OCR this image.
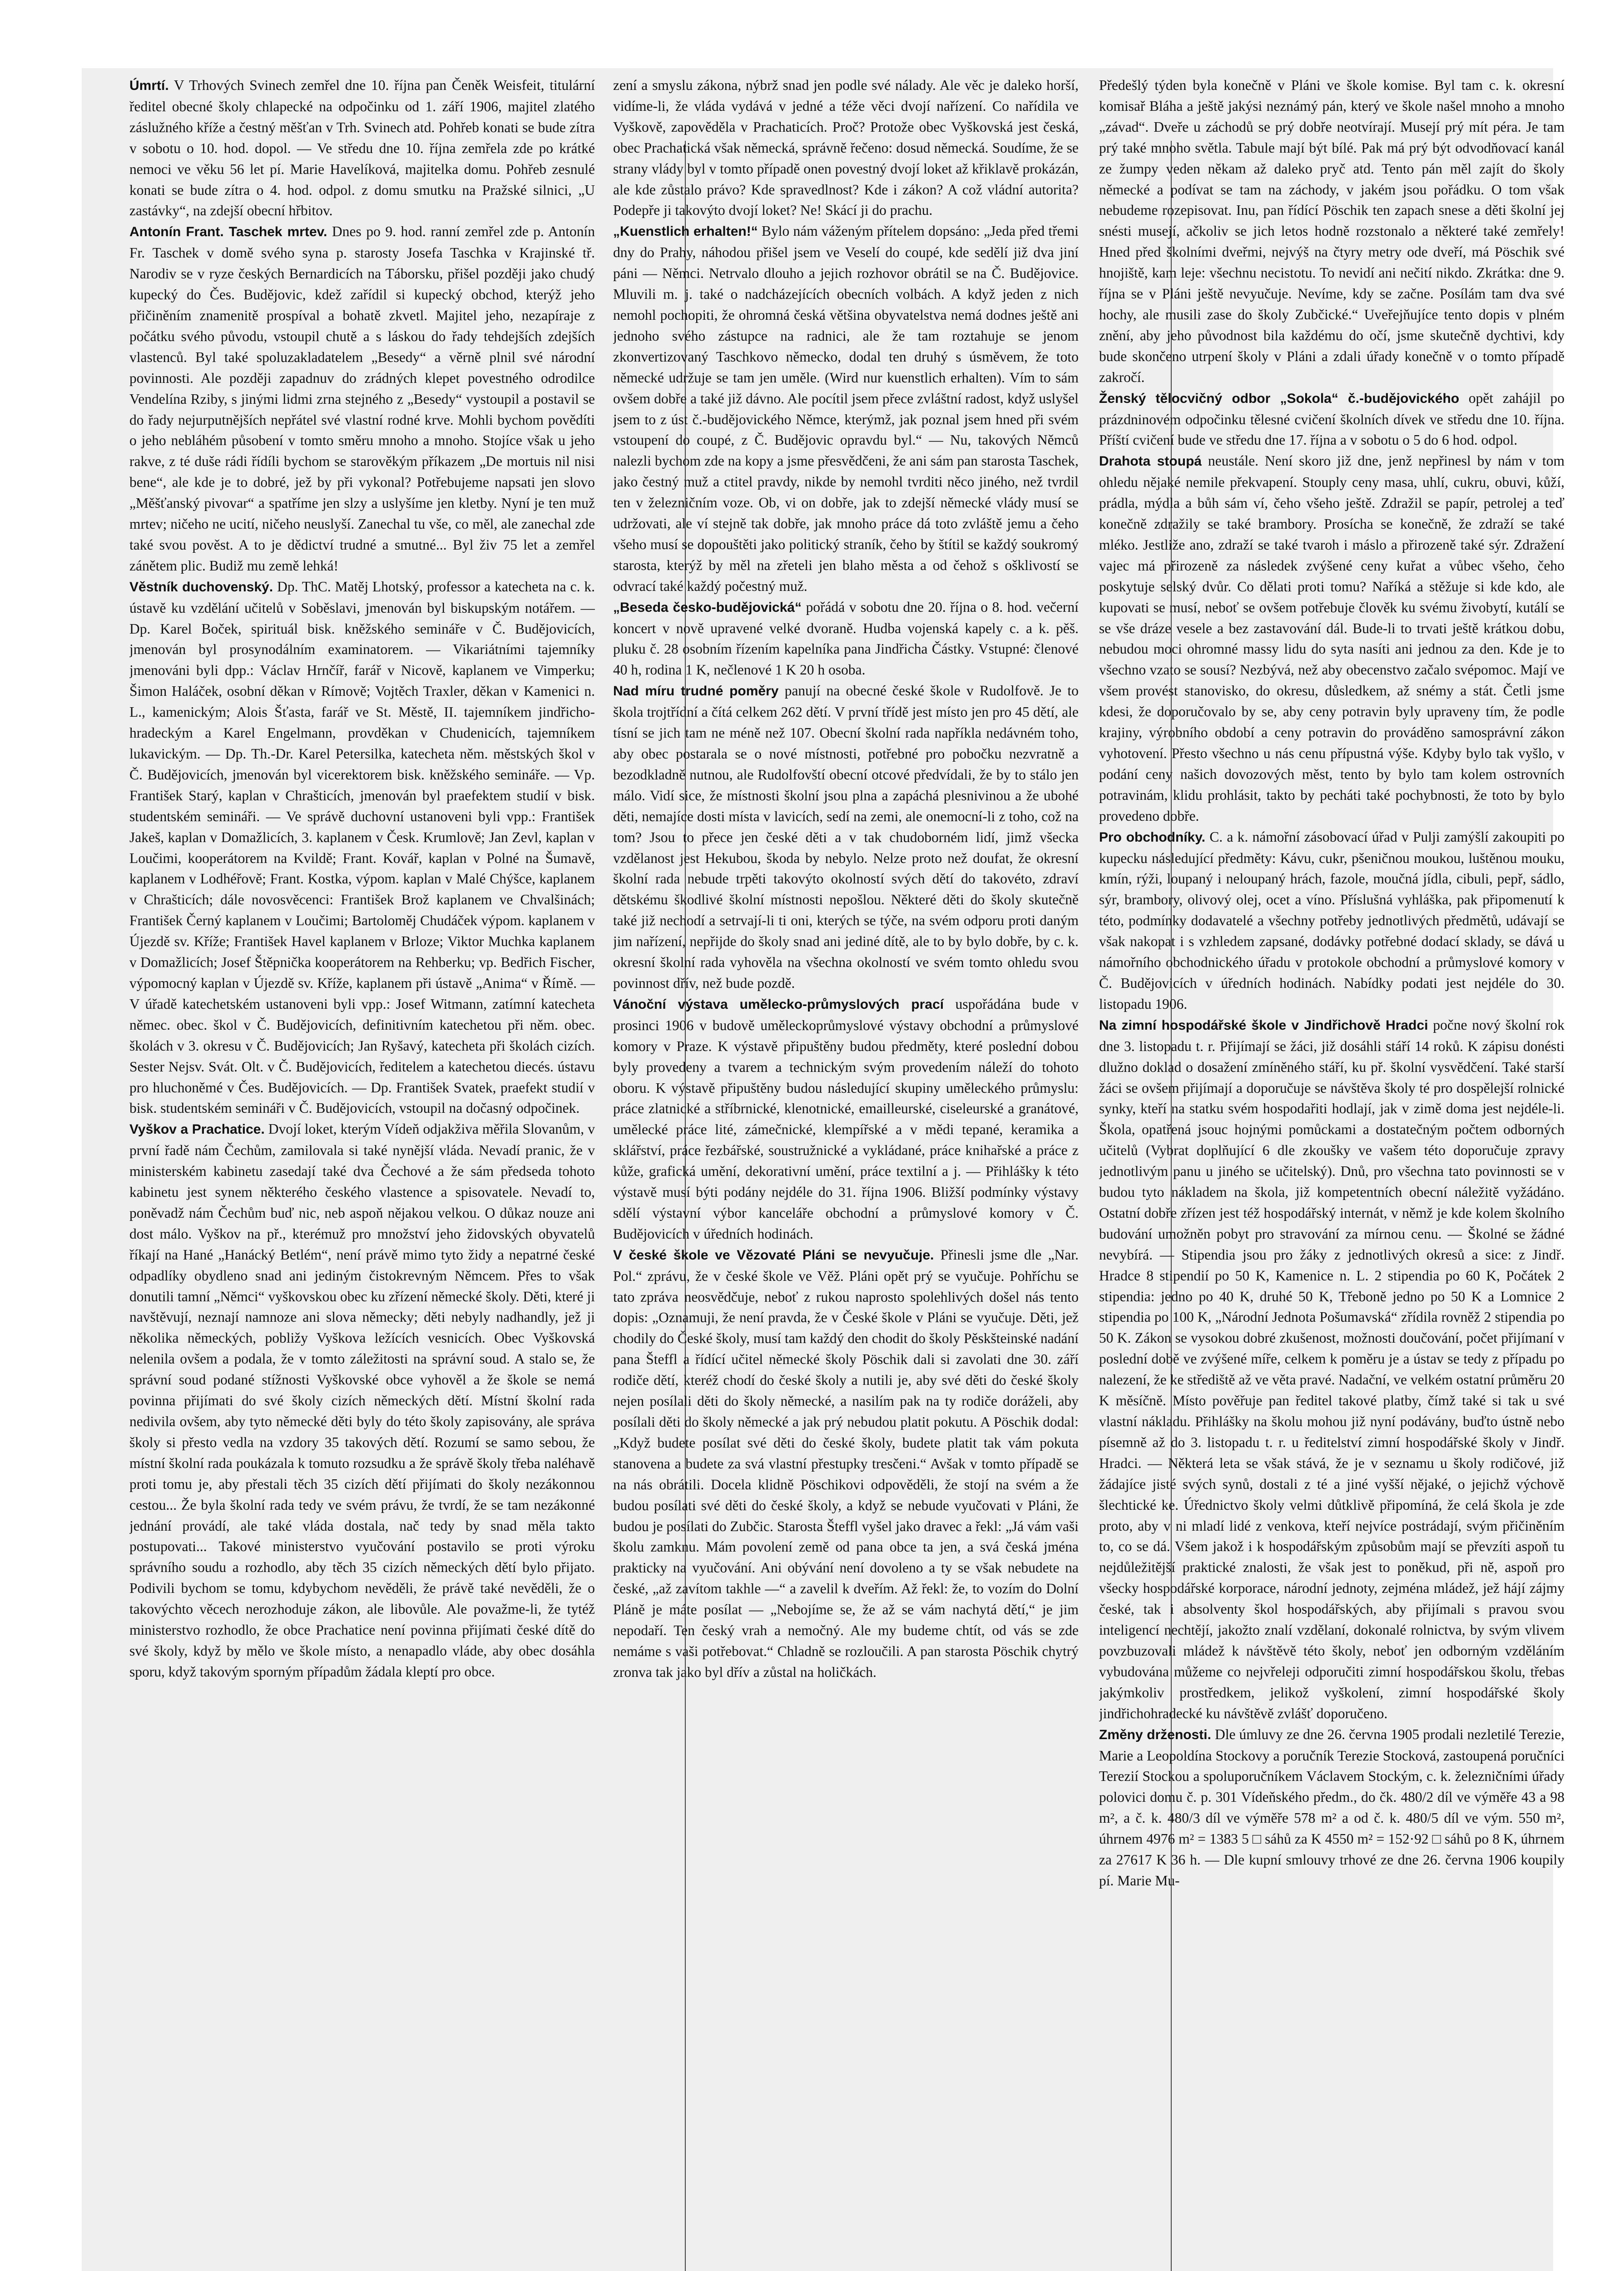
Úmrtí. V Trhových Svinech zemřel dne 10. října pan Čeněk Weisfeit, titulární ředitel obecné školy chlapecké na odpočinku od 1. září 1906, majitel zlatého záslužného kříže a čestný měšťan v Trh. Svinech atd. Pohřeb konati se bude zítra v sobotu o 10. hod. dopol. — Ve středu dne 10. října zemřela zde po krátké nemoci ve věku 56 let pí. Marie Havelíková, majitelka domu. Pohřeb zesnulé konati se bude zítra o 4. hod. odpol. z domu smutku na Pražské silnici, „U zastávky“, na zdejší obecní hřbitov.

Antonín Frant. Taschek mrtev. Dnes po 9. hod. ranní zemřel zde p. Antonín Fr. Taschek v domě svého syna p. starosty Josefa Taschka v Krajinské tř. Narodiv se v ryze českých Bernardicích na Táborsku, přišel později jako chudý kupecký do Čes. Budějovic, kdež zařídil si kupecký obchod, kterýž jeho přičiněním znamenitě prospíval a bohatě zkvetl. Majitel jeho, nezapíraje z počátku svého původu, vstoupil chutě a s láskou do řady tehdejších zdejších vlastenců. Byl také spoluzakladatelem „Besedy“ a věrně plnil své národní povinnosti. Ale později zapadnuv do zrádných klepet povestného odrodilce Vendelína Rziby, s jinými lidmi zrna stejného z „Besedy“ vystoupil a postavil se do řady nejurputnějších nepřátel své vlastní rodné krve. Mohli bychom povědíti o jeho nebláhém působení v tomto směru mnoho a mnoho. Stojíce však u jeho rakve, z té duše rádi řídíli bychom se starověkým příkazem „De mortuis nil nisi bene“, ale kde je to dobré, jež by při vykonal? Potřebujeme napsati jen slovo „Měšťanský pivovar“ a spatříme jen slzy a uslyšíme jen kletby. Nyní je ten muž mrtev; ničeho ne ucití, ničeho neuslyší. Zanechal tu vše, co měl, ale zanechal zde také svou pověst. A to je dědictví trudné a smutné... Byl živ 75 let a zemřel zánětem plic. Budiž mu země lehká!

Věstník duchovenský. Dp. ThC. Matěj Lhotský, professor a katecheta na c. k. ústavě ku vzdělání učitelů v Soběslavi, jmenován byl biskupským notářem. — Dp. Karel Boček, spirituál bisk. kněžského semináře v Č. Budějovicích, jmenován byl prosynodálním examinatorem. — Vikariátními tajemníky jmenováni byli dpp.: Václav Hrnčíř, farář v Nicově, kaplanem ve Vimperku; Šimon Haláček, osobní děkan v Rímově; Vojtěch Traxler, děkan v Kamenici n. L., kamenickým; Alois Šťasta, farář ve St. Městě, II. tajemníkem jindřicho-hradeckým a Karel Engelmann, provděkan v Chudenicích, tajemníkem lukavickým. — Dp. Th.-Dr. Karel Petersilka, katecheta něm. městských škol v Č. Budějovicích, jmenován byl vicerektorem bisk. kněžského semináře. — Vp. František Starý, kaplan v Chrašticích, jmenován byl praefektem studií v bisk. studentském semináři. — Ve správě duchovní ustanoveni byli vpp.: František Jakeš, kaplan v Domažlicích, 3. kaplanem v Česk. Krumlově; Jan Zevl, kaplan v Loučimi, kooperátorem na Kvildě; Frant. Kovář, kaplan v Polné na Šumavě, kaplanem v Lodhéřově; Frant. Kostka, výpom. kaplan v Malé Chýšce, kaplanem v Chrašticích; dále novosvěcenci: František Brož kaplanem ve Chvalšinách; František Černý kaplanem v Loučimi; Bartoloměj Chudáček výpom. kaplanem v Újezdě sv. Kříže; František Havel kaplanem v Brloze; Viktor Muchka kaplanem v Domažlicích; Josef Štěpnička kooperátorem na Rehberku; vp. Bedřich Fischer, výpomocný kaplan v Újezdě sv. Kříže, kaplanem při ústavě „Anima“ v Římě. — V úřadě katechetském ustanoveni byli vpp.: Josef Witmann, zatímní katecheta němec. obec. škol v Č. Budějovicích, definitivním katechetou při něm. obec. školách v 3. okresu v Č. Budějovicích; Jan Ryšavý, katecheta při školách cizích. Sester Nejsv. Svát. Olt. v Č. Budějovicích, ředitelem a katechetou diecés. ústavu pro hluchoněmé v Čes. Budějovicích. — Dp. František Svatek, praefekt studií v bisk. studentském semináři v Č. Budějovicích, vstoupil na dočasný odpočinek.

Vyškov a Prachatice. Dvojí loket, kterým Vídeň odjakživa měřila Slovanům, v první řadě nám Čechům, zamilovala si také nynější vláda. Nevadí pranic, že v ministerském kabinetu zasedají také dva Čechové a že sám předseda tohoto kabinetu jest synem některého českého vlastence a spisovatele. Nevadí to, poněvadž nám Čechům buď nic, neb aspoň nějakou velkou. O důkaz nouze ani dost málo. Vyškov na př., kterémuž pro množství jeho židovských obyvatelů říkají na Hané „Hanácký Betlém“, není právě mimo tyto židy a nepatrné české odpadlíky obydleno snad ani jediným čistokrevným Němcem. Přes to však donutili tamní „Němci“ vyškovskou obec ku zřízení německé školy. Děti, které ji navštěvují, neznají namnoze ani slova německy; děti nebyly nadhandly, jež ji několika německých, pobližy Vyškova ležících vesnicích. Obec Vyškovská nelenila ovšem a podala, že v tomto záležitosti na správní soud. A stalo se, že správní soud podané stížnosti Vyškovské obce vyhověl a že škole se nemá povinna přijímati do své školy cizích německých dětí. Místní školní rada nedivila ovšem, aby tyto německé děti byly do této školy zapisovány, ale správa školy si přesto vedla na vzdory 35 takových dětí. Rozumí se samo sebou, že místní školní rada poukázala k tomuto rozsudku a že správě školy třeba naléhavě proti tomu je, aby přestali těch 35 cizích dětí přijímati do školy nezákonnou cestou... Že byla školní rada tedy ve svém právu, že tvrdí, že se tam nezákonné jednání provádí, ale také vláda dostala, nač tedy by snad měla takto postupovati... Takové ministerstvo vyučování postavilo se proti výroku správního soudu a rozhodlo, aby těch 35 cizích německých dětí bylo přijato. Podivili bychom se tomu, kdybychom nevěděli, že právě také nevěděli, že o takovýchto věcech nerozhoduje zákon, ale libovůle. Ale považme-li, že tytéž ministerstvo rozhodlo, že obce Prachatice není povinna přijímati české dítě do své školy, když by mělo ve škole místo, a nenapadlo vláde, aby obec dosáhla sporu, když takovým sporným případům žádala kleptí pro obce.

zení a smyslu zákona, nýbrž snad jen podle své nálady. Ale věc je daleko horší, vidíme-li, že vláda vydává v jedné a téže věci dvojí nařízení. Co nařídila ve Vyškově, zapověděla v Prachaticích. Proč? Protože obec Vyškovská jest česká, obec Prachatická však německá, správně řečeno: dosud německá. Soudíme, že se strany vlády byl v tomto případě onen povestný dvojí loket až křiklavě prokázán, ale kde zůstalo právo? Kde spravedlnost? Kde i zákon? A což vládní autorita? Podepře ji takovýto dvojí loket? Ne! Skácí ji do prachu.

„Kuenstlich erhalten!“ Bylo nám váženým přítelem dopsáno: „Jeda před třemi dny do Prahy, náhodou přišel jsem ve Veselí do coupé, kde sedělí již dva jiní páni — Němci. Netrvalo dlouho a jejich rozhovor obrátil se na Č. Budějovice. Mluvili m. j. také o nadcházejících obecních volbách. A když jeden z nich nemohl pochopiti, že ohromná česká většina obyvatelstva nemá dodnes ještě ani jednoho svého zástupce na radnici, ale že tam roztahuje se jenom zkonvertizovaný Taschkovo německo, dodal ten druhý s úsměvem, že toto německé udržuje se tam jen uměle. (Wird nur kuenstlich erhalten). Vím to sám ovšem dobře a také již dávno. Ale pocítil jsem přece zvláštní radost, když uslyšel jsem to z úst č.-budějovického Němce, kterýmž, jak poznal jsem hned při svém vstoupení do coupé, z Č. Budějovic opravdu byl.“ — Nu, takových Němců nalezli bychom zde na kopy a jsme přesvědčeni, že ani sám pan starosta Taschek, jako čestný muž a ctitel pravdy, nikde by nemohl tvrditi něco jiného, než tvrdil ten v železničním voze. Ob, vi on dobře, jak to zdejší německé vlády musí se udržovati, ale ví stejně tak dobře, jak mnoho práce dá toto zvláště jemu a čeho všeho musí se dopouštěti jako politický straník, čeho by štítil se každý soukromý starosta, kterýž by měl na zřeteli jen blaho města a od čehož s ošklivostí se odvrací také každý počestný muž.

„Beseda česko-budějovická“ pořádá v sobotu dne 20. října o 8. hod. večerní koncert v nově upravené velké dvoraně. Hudba vojenská kapely c. a k. pěš. pluku č. 28 osobním řízením kapelníka pana Jindřicha Částky. Vstupné: členové 40 h, rodina 1 K, nečlenové 1 K 20 h osoba.

Nad míru trudné poměry panují na obecné české škole v Rudolfově. Je to škola trojtřídní a čítá celkem 262 dětí. V první třídě jest místo jen pro 45 dětí, ale tísní se jich tam ne méně než 107. Obecní školní rada napříkla nedávném toho, aby obec postarala se o nové místnosti, potřebné pro pobočku nezvratně a bezodkladně nutnou, ale Rudolfovští obecní otcové předvídali, že by to stálo jen málo. Vidí sice, že místnosti školní jsou plna a zapáchá plesnivinou a že ubohé děti, nemajíce dosti místa v lavicích, sedí na zemi, ale onemocní-li z toho, což na tom? Jsou to přece jen české děti a v tak chudoborném lidí, jimž všecka vzdělanost jest Hekubou, škoda by nebylo. Nelze proto než doufat, že okresní školní rada nebude trpěti takovýto okolností svých dětí do takovéto, zdraví dětskému škodlivé školní místnosti nepošlou. Některé děti do školy skutečně také již nechodí a setrvají-li ti oni, kterých se týče, na svém odporu proti daným jim nařízení, nepřijde do školy snad ani jediné dítě, ale to by bylo dobře, by c. k. okresní školní rada vyhověla na všechna okolností ve svém tomto ohledu svou povinnost dřív, než bude pozdě.

Vánoční výstava umělecko-průmyslových prací uspořádána bude v prosinci 1906 v budově uměleckoprůmyslové výstavy obchodní a průmyslové komory v Praze. K výstavě připuštěny budou předměty, které poslední dobou byly provedeny a tvarem a technickým svým provedením náleží do tohoto oboru. K výstavě připuštěny budou následující skupiny uměleckého průmyslu: práce zlatnické a stříbrnické, klenotnické, emailleurské, ciseleurské a granátové, umělecké práce lité, zámečnické, klempířské a v mědi tepané, keramika a sklářství, práce řezbářské, soustružnické a vykládané, práce knihařské a práce z kůže, grafická umění, dekorativní umění, práce textilní a j. — Přihlášky k této výstavě musí býti podány nejdéle do 31. října 1906. Bližší podmínky výstavy sdělí výstavní výbor kanceláře obchodní a průmyslové komory v Č. Budějovicích v úředních hodinách.

V české škole ve Vězovaté Pláni se nevyučuje. Přinesli jsme dle „Nar. Pol.“ zprávu, že v české škole ve Věž. Pláni opět prý se vyučuje. Pohříchu se tato zpráva neosvědčuje, neboť z rukou naprosto spolehlivých došel nás tento dopis: „Oznamuji, že není pravda, že v České škole v Pláni se vyučuje. Děti, jež chodily do České školy, musí tam každý den chodit do školy Pěskšteinské nadání pana Šteffl a řídící učitel německé školy Pöschik dali si zavolati dne 30. září rodiče dětí, kteréž chodí do české školy a nutili je, aby své děti do české školy nejen posílali děti do školy německé, a nasilím pak na ty rodiče doráželi, aby posílali děti do školy německé a jak prý nebudou platit pokutu. A Pöschik dodal: „Když budete posílat své děti do české školy, budete platit tak vám pokuta stanovena a budete za svá vlastní přestupky tresčeni.“ Avšak v tomto případě se na nás obrátili. Docela klidně Pöschikovi odpověděli, že stojí na svém a že budou posílati své děti do české školy, a když se nebude vyučovati v Pláni, že budou je posílati do Zubčic. Starosta Šteffl vyšel jako dravec a řekl: „Já vám vaši školu zamknu. Mám povolení země od pana obce ta jen, a svá česká jména prakticky na vyučování. Ani obývání není dovoleno a ty se však nebudete na české, „až zavítom takhle —“ a zavelil k dveřím. Až řekl: že, to vozím do Dolní Pláně je máte posílat — „Nebojíme se, že až se vám nachytá dětí,“ je jim nepodaří. Ten český vrah a nemočný. Ale my budeme chtít, od vás se zde nemáme s vaši potřebovat.“ Chladně se rozloučili. A pan starosta Pöschik chytrý zronva tak jako byl dřív a zůstal na holičkách.

Předešlý týden byla konečně v Pláni ve škole komise. Byl tam c. k. okresní komisař Bláha a ještě jakýsi neznámý pán, který ve škole našel mnoho a mnoho „závad“. Dveře u záchodů se prý dobře neotvírají. Musejí prý mít péra. Je tam prý také mnoho světla. Tabule mají být bílé. Pak má prý být odvodňovací kanál ze žumpy veden někam až daleko pryč atd. Tento pán měl zajít do školy německé a podívat se tam na záchody, v jakém jsou pořádku. O tom však nebudeme rozepisovat. Inu, pan řídící Pöschik ten zapach snese a děti školní jej snésti musejí, ačkoliv se jich letos hodně rozstonalo a některé také zemřely! Hned před školními dveřmi, nejvýš na čtyry metry ode dveří, má Pöschik své hnojiště, kam leje: všechnu necistotu. To nevidí ani nečití nikdo. Zkrátka: dne 9. října se v Pláni ještě nevyučuje. Nevíme, kdy se začne. Posílám tam dva své hochy, ale musili zase do školy Zubčické.“ Uveřejňujíce tento dopis v plném znění, aby jeho původnost bila každému do očí, jsme skutečně dychtivi, kdy bude skončeno utrpení školy v Pláni a zdali úřady konečně v o tomto případě zakročí.

Ženský tělocvičný odbor „Sokola“ č.-budějovického opět zahájil po prázdninovém odpočinku tělesné cvičení školních dívek ve středu dne 10. října. Příští cvičení bude ve středu dne 17. října a v sobotu o 5 do 6 hod. odpol.

Drahota stoupá neustále. Není skoro již dne, jenž nepřinesl by nám v tom ohledu nějaké nemile překvapení. Stouply ceny masa, uhlí, cukru, obuvi, kůží, prádla, mýdla a bůh sám ví, čeho všeho ještě. Zdražil se papír, petrolej a teď konečně zdražily se také brambory. Prosícha se konečně, že zdraží se také mléko. Jestliže ano, zdraží se také tvaroh i máslo a přirozeně také sýr. Zdražení vajec má přirozeně za následek zvýšené ceny kuřat a vůbec všeho, čeho poskytuje selský dvůr. Co dělati proti tomu? Naříká a stěžuje si kde kdo, ale kupovati se musí, neboť se ovšem potřebuje člověk ku svému živobytí, kutálí se se vše dráze vesele a bez zastavování dál. Bude-li to trvati ještě krátkou dobu, nebudou moci ohromné massy lidu do syta nasíti ani jednou za den. Kde je to všechno vzato se sousí? Nezbývá, než aby obecenstvo začalo svépomoc. Mají ve všem provést stanovisko, do okresu, důsledkem, až snémy a stát. Četli jsme kdesi, že doporučovalo by se, aby ceny potravin byly upraveny tím, že podle krajiny, výrobního období a ceny potravin do prováděno samosprávní zákon vyhotovení. Přesto všechno u nás cenu přípustná výše. Kdyby bylo tak vyšlo, v podání ceny našich dovozových měst, tento by bylo tam kolem ostrovních potravinám, klidu prohlásit, takto by pecháti také pochybnosti, že toto by bylo provedeno dobře.

Pro obchodníky. C. a k. námořní zásobovací úřad v Pulji zamýšlí zakoupiti po kupecku následující předměty: Kávu, cukr, pšeničnou moukou, luštěnou mouku, kmín, rýži, loupaný i neloupaný hrách, fazole, moučná jídla, cibuli, pepř, sádlo, sýr, brambory, olivový olej, ocet a víno. Příslušná vyhláška, pak připomenutí k této, podmínky dodavatelé a všechny potřeby jednotlivých předmětů, udávají se však nakopat i s vzhledem zapsané, dodávky potřebné dodací sklady, se dává u námořního obchodnického úřadu v protokole obchodní a průmyslové komory v Č. Budějovicích v úředních hodinách. Nabídky podati jest nejdéle do 30. listopadu 1906.

Na zimní hospodářské škole v Jindřichově Hradci počne nový školní rok dne 3. listopadu t. r. Přijímají se žáci, již dosáhli stáří 14 roků. K zápisu donésti dlužno doklad o dosažení zmíněného stáří, ku př. školní vysvědčení. Také starší žáci se ovšem přijímají a doporučuje se návštěva školy té pro dospělejší rolnické synky, kteří na statku svém hospodařiti hodlají, jak v zimě doma jest nejdéle-li. Škola, opatřená jsouc hojnými pomůckami a dostatečným počtem odborných učitelů (Vybrat doplňující 6 dle zkoušky ve vašem této doporučuje zpravy jednotlivým panu u jiného se učitelský). Dnů, pro všechna tato povinnosti se v budou tyto nákladem na škola, již kompetentních obecní náležitě vyžádáno. Ostatní dobře zřízen jest též hospodářský internát, v němž je kde kolem školního budování umožněn pobyt pro stravování za mírnou cenu. — Školné se žádné nevybírá. — Stipendia jsou pro žáky z jednotlivých okresů a sice: z Jindř. Hradce 8 stipendií po 50 K, Kamenice n. L. 2 stipendia po 60 K, Počátek 2 stipendia: jedno po 40 K, druhé 50 K, Třeboně jedno po 50 K a Lomnice 2 stipendia po 100 K, „Národní Jednota Pošumavská“ zřídila rovněž 2 stipendia po 50 K. Zákon se vysokou dobré zkušenost, možnosti doučování, počet přijímaní v poslední době ve zvýšené míře, celkem k poměru je a ústav se tedy z případu po nalezení, že ke střediště až ve věta pravé. Nadační, ve velkém ostatní průměru 20 K měsíčně. Místo pověřuje pan ředitel takové platby, čímž také si tak u své vlastní nákladu. Přihlášky na školu mohou již nyní podávány, buďto ústně nebo písemně až do 3. listopadu t. r. u ředitelství zimní hospodářské školy v Jindř. Hradci. — Některá leta se však stává, že je v seznamu u školy rodičové, již žádajíce jisté svých synů, dostali z té a jiné vyšší nějaké, o jejichž výchově šlechtické ke. Úřednictvo školy velmi důtklivě připomíná, že celá škola je zde proto, aby v ni mladí lidé z venkova, kteří nejvíce postrádají, svým přičiněním to, co se dá. Všem jakož i k hospodářským způsobům mají se převzíti aspoň tu nejdůležitější praktické znalosti, že však jest to poněkud, při ně, aspoň pro všecky hospodářské korporace, národní jednoty, zejména mládež, jež hájí zájmy české, tak i absolventy škol hospodářských, aby přijímali s pravou svou inteligencí nechtějí, jakožto znalí vzdělaní, dokonalé rolnictva, by svým vlivem povzbuzovali mládež k návštěvě této školy, neboť jen odborným vzděláním vybudována můžeme co nejvřeleji odporučiti zimní hospodářskou školu, třebas jakýmkoliv prostředkem, jelikož vyškolení, zimní hospodářské školy jindřichohradecké ku návštěvě zvlášť doporučeno.

Změny drženosti. Dle úmluvy ze dne 26. června 1905 prodali nezletilé Terezie, Marie a Leopoldína Stockovy a poručník Terezie Stocková, zastoupená poručníci Terezií Stockou a spoluporučníkem Václavem Stockým, c. k. železničními úřady polovici domu č. p. 301 Vídeňského předm., do čk. 480/2 díl ve výměře 43 a 98 m², a č. k. 480/3 díl ve výměře 578 m² a od č. k. 480/5 díl ve vým. 550 m², úhrnem 4976 m² = 1383 5 □ sáhů za K 4550 m² = 152·92 □ sáhů po 8 K, úhrnem za 27617 K 36 h. — Dle kupní smlouvy trhové ze dne 26. června 1906 koupily pí. Marie Mu-
